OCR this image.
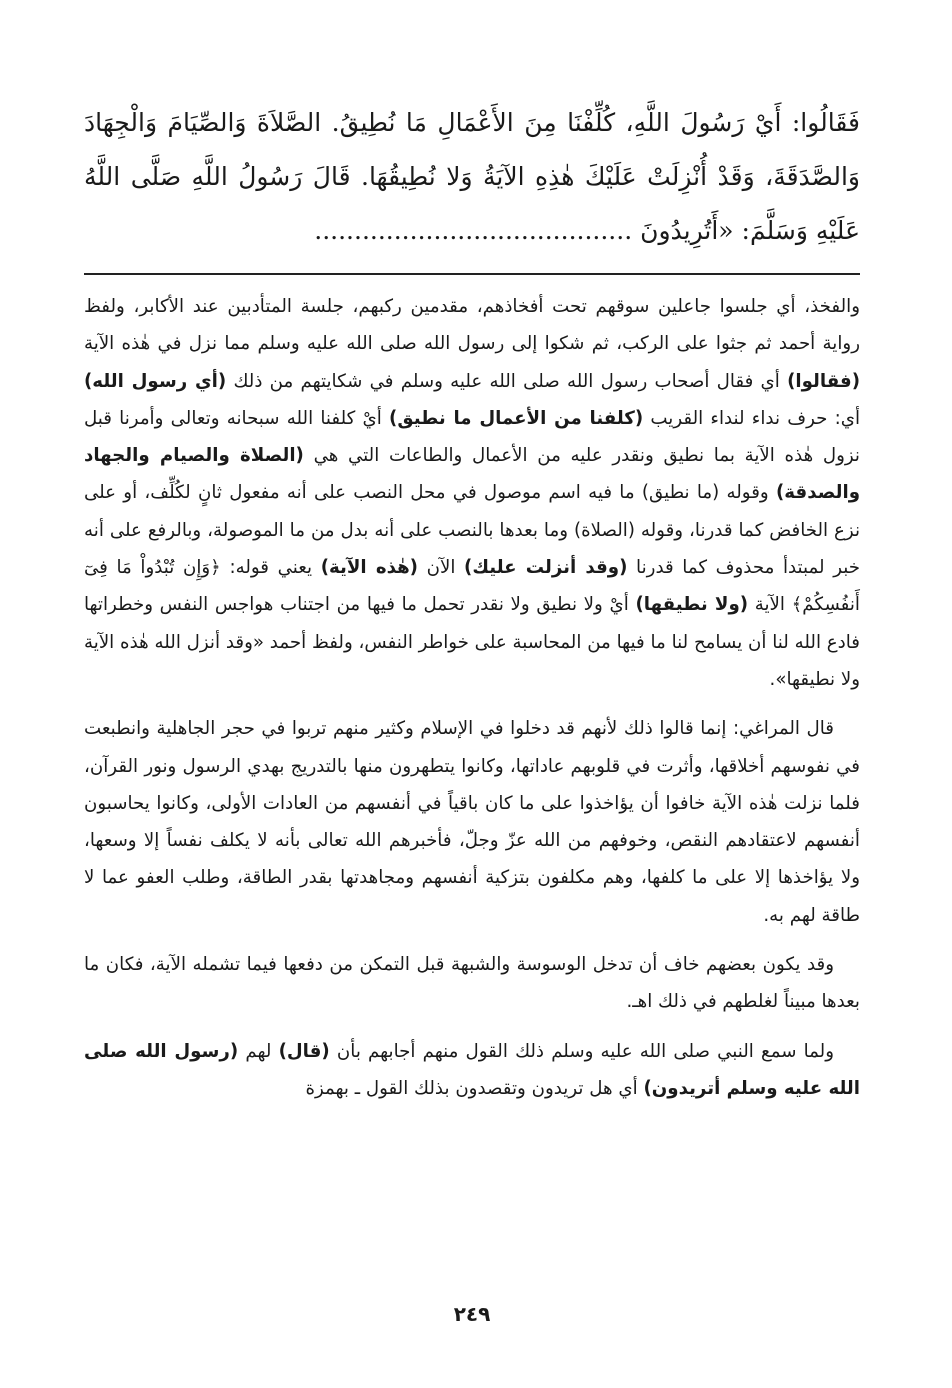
فَقَالُوا: أَيْ رَسُولَ اللَّهِ، كُلِّفْنَا مِنَ الأَعْمَالِ مَا نُطِيقُ. الصَّلاَةَ وَالصِّيَامَ وَالْجِهَادَ وَالصَّدَقَةَ، وَقَدْ أُنْزِلَتْ عَلَيْكَ هٰذِهِ الآيَةُ وَلا نُطِيقُهَا. قَالَ رَسُولُ اللَّهِ صَلَّى اللَّهُ عَلَيْهِ وَسَلَّمَ: «أَتُرِيدُونَ ........................................

والفخذ، أي جلسوا جاعلين سوقهم تحت أفخاذهم، مقدمين ركبهم، جلسة المتأدبين عند الأكابر، ولفظ رواية أحمد ثم جثوا على الركب، ثم شكوا إلى رسول الله صلى الله عليه وسلم مما نزل في هٰذه الآية (فقالوا) أي فقال أصحاب رسول الله صلى الله عليه وسلم في شكايتهم من ذلك (أي رسول الله) أي: حرف نداء لنداء القريب (كلفنا من الأعمال ما نطيق) أيْ كلفنا الله سبحانه وتعالى وأمرنا قبل نزول هٰذه الآية بما نطيق ونقدر عليه من الأعمال والطاعات التي هي (الصلاة والصيام والجهاد والصدقة) وقوله (ما نطيق) ما فيه اسم موصول في محل النصب على أنه مفعول ثانٍ لكُلِّف، أو على نزع الخافض كما قدرنا، وقوله (الصلاة) وما بعدها بالنصب على أنه بدل من ما الموصولة، وبالرفع على أنه خبر لمبتدأ محذوف كما قدرنا (وقد أنزلت عليك) الآن (هٰذه الآية) يعني قوله: ﴿وَإِن تُبْدُواْ مَا فِىٓ أَنفُسِكُمْ﴾ الآية (ولا نطيقها) أيْ ولا نطيق ولا نقدر تحمل ما فيها من اجتناب هواجس النفس وخطراتها فادع الله لنا أن يسامح لنا ما فيها من المحاسبة على خواطر النفس، ولفظ أحمد «وقد أنزل الله هٰذه الآية ولا نطيقها».

قال المراغي: إنما قالوا ذلك لأنهم قد دخلوا في الإسلام وكثير منهم تربوا في حجر الجاهلية وانطبعت في نفوسهم أخلاقها، وأثرت في قلوبهم عاداتها، وكانوا يتطهرون منها بالتدريج بهدي الرسول ونور القرآن، فلما نزلت هٰذه الآية خافوا أن يؤاخذوا على ما كان باقياً في أنفسهم من العادات الأولى، وكانوا يحاسبون أنفسهم لاعتقادهم النقص، وخوفهم من الله عزّ وجلّ، فأخبرهم الله تعالى بأنه لا يكلف نفساً إلا وسعها، ولا يؤاخذها إلا على ما كلفها، وهم مكلفون بتزكية أنفسهم ومجاهدتها بقدر الطاقة، وطلب العفو عما لا طاقة لهم به.

وقد يكون بعضهم خاف أن تدخل الوسوسة والشبهة قبل التمكن من دفعها فيما تشمله الآية، فكان ما بعدها مبيناً لغلطهم في ذلك اهـ.

ولما سمع النبي صلى الله عليه وسلم ذلك القول منهم أجابهم بأن (قال) لهم (رسول الله صلى الله عليه وسلم أتريدون) أي هل تريدون وتقصدون بذلك القول ـ بهمزة

٢٤٩
